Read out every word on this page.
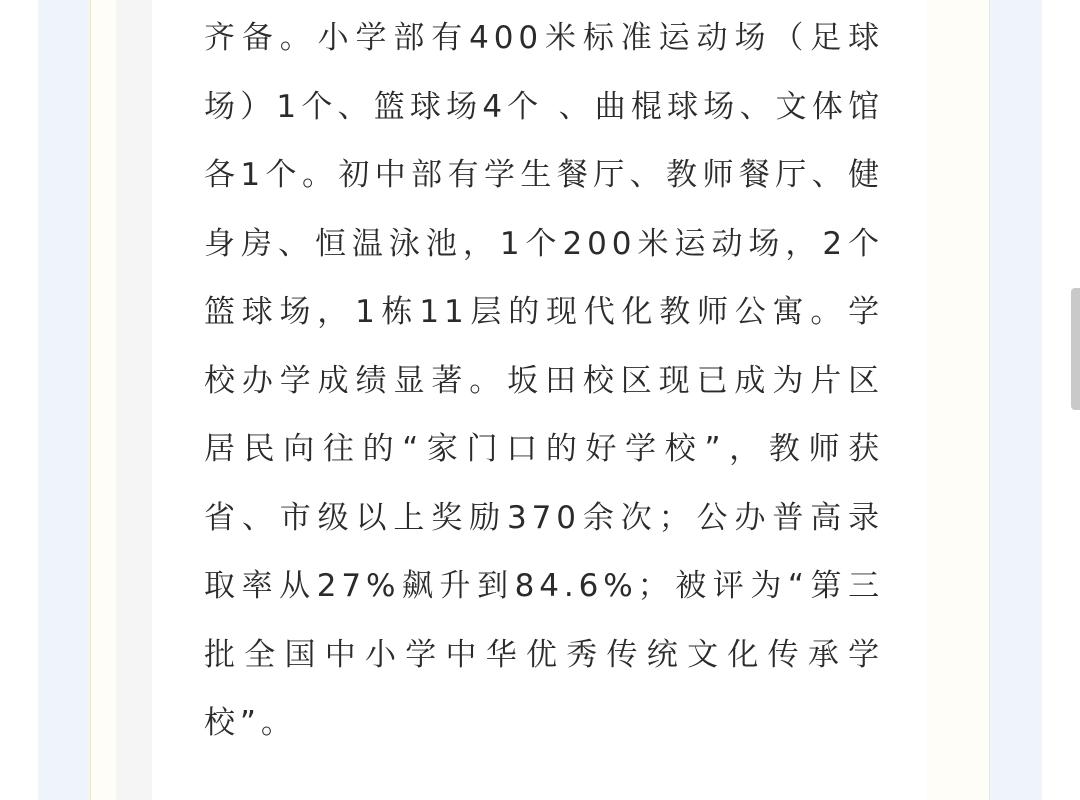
齐备。小学部有400米标准运动场（足球场）1个、篮球场4个 、曲棍球场、文体馆各1个。初中部有学生餐厅、教师餐厅、健身房、恒温泳池，1个200米运动场，2个篮球场，1栋11层的现代化教师公寓。学校办学成绩显著。坂田校区现已成为片区居民向往的“家门口的好学校”，教师获省、市级以上奖励370余次；公办普高录取率从27%飙升到84.6%；被评为“第三批全国中小学中华优秀传统文化传承学校”。
